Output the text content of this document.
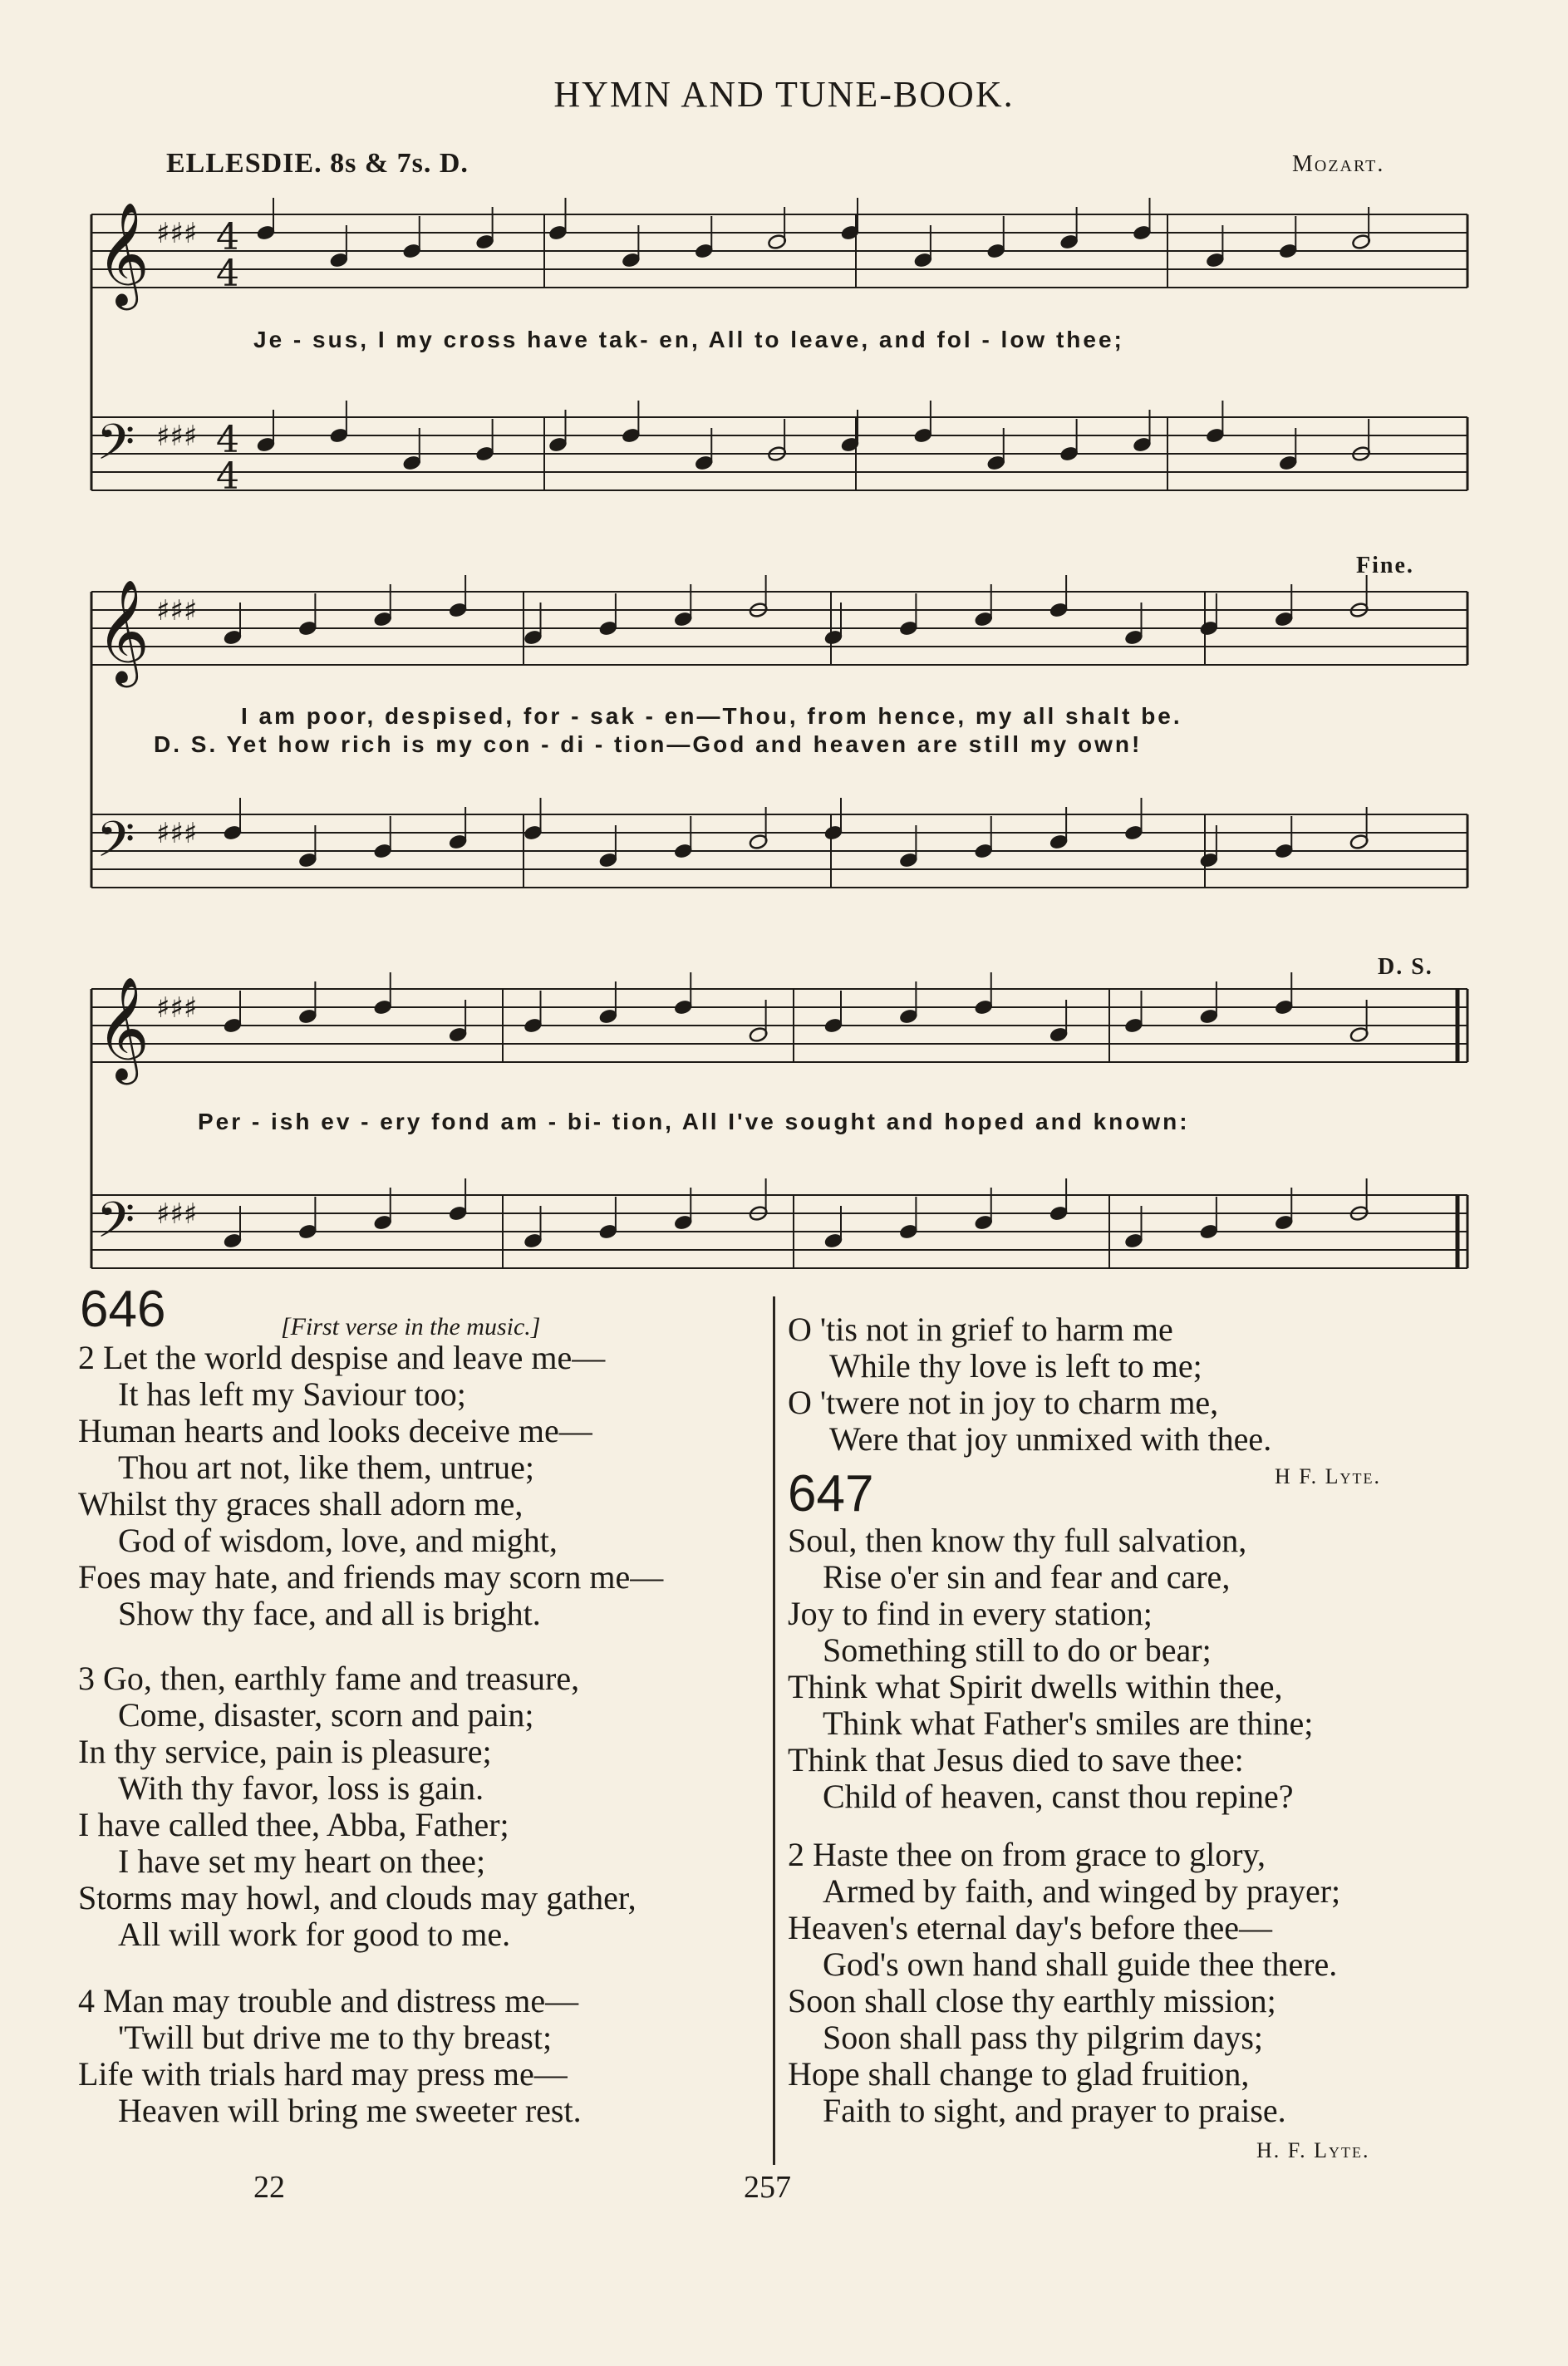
HYMN AND TUNE-BOOK.
ELLESDIE. 8s & 7s. D.	Mozart.
𝄞 ♯♯♯ 4
4
𝄢 ♯♯♯ 4
4
𝄞 ♯♯♯
𝄢 ♯♯♯
𝄞 ♯♯♯
𝄢 ♯♯♯
Je - sus, I my cross have tak- en, All to leave, and fol - low thee;
I am poor, despised, for - sak - en—Thou, from hence, my all shalt be.
D. S. Yet how rich is my con - di - tion—God and heaven are still my own!
Fine.
Per - ish ev - ery fond am - bi- tion, All I've sought and hoped and known:
D. S.
646	[First verse in the music.]
2 Let the world despise and leave me—
It has left my Saviour too;
Human hearts and looks deceive me—
Thou art not, like them, untrue;
Whilst thy graces shall adorn me,
God of wisdom, love, and might,
Foes may hate, and friends may scorn me—
Show thy face, and all is bright.
3 Go, then, earthly fame and treasure,
Come, disaster, scorn and pain;
In thy service, pain is pleasure;
With thy favor, loss is gain.
I have called thee, Abba, Father;
I have set my heart on thee;
Storms may howl, and clouds may gather,
All will work for good to me.
4 Man may trouble and distress me—
'Twill but drive me to thy breast;
Life with trials hard may press me—
Heaven will bring me sweeter rest.
O 'tis not in grief to harm me
While thy love is left to me;
O 'twere not in joy to charm me,
Were that joy unmixed with thee.
H F. Lyte.
647
Soul, then know thy full salvation,
Rise o'er sin and fear and care,
Joy to find in every station;
Something still to do or bear;
Think what Spirit dwells within thee,
Think what Father's smiles are thine;
Think that Jesus died to save thee:
Child of heaven, canst thou repine?
2 Haste thee on from grace to glory,
Armed by faith, and winged by prayer;
Heaven's eternal day's before thee—
God's own hand shall guide thee there.
Soon shall close thy earthly mission;
Soon shall pass thy pilgrim days;
Hope shall change to glad fruition,
Faith to sight, and prayer to praise.
H. F. Lyte.
22	257
